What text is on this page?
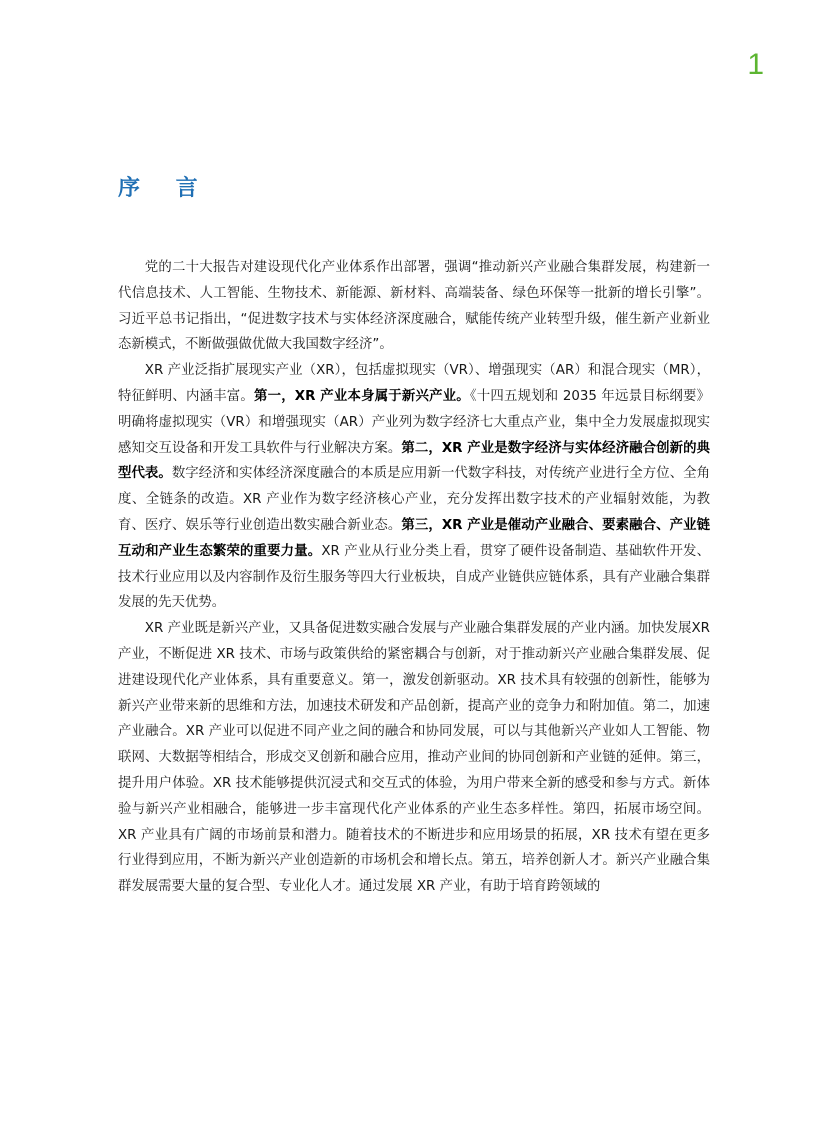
1
序 言

党的二十大报告对建设现代化产业体系作出部署，强调“推动新兴产业融合集群发展，构建新一代信息技术、人工智能、生物技术、新能源、新材料、高端装备、绿色环保等一批新的增长引擎”。习近平总书记指出，“促进数字技术与实体经济深度融合，赋能传统产业转型升级，催生新产业新业态新模式，不断做强做优做大我国数字经济”。

XR 产业泛指扩展现实产业（XR），包括虚拟现实（VR）、增强现实（AR）和混合现实（MR），特征鲜明、内涵丰富。第一，XR 产业本身属于新兴产业。《十四五规划和 2035 年远景目标纲要》明确将虚拟现实（VR）和增强现实（AR）产业列为数字经济七大重点产业，集中全力发展虚拟现实感知交互设备和开发工具软件与行业解决方案。第二，XR 产业是数字经济与实体经济融合创新的典型代表。数字经济和实体经济深度融合的本质是应用新一代数字科技，对传统产业进行全方位、全角度、全链条的改造。XR 产业作为数字经济核心产业，充分发挥出数字技术的产业辐射效能，为教育、医疗、娱乐等行业创造出数实融合新业态。第三，XR 产业是催动产业融合、要素融合、产业链互动和产业生态繁荣的重要力量。XR 产业从行业分类上看，贯穿了硬件设备制造、基础软件开发、技术行业应用以及内容制作及衍生服务等四大行业板块，自成产业链供应链体系，具有产业融合集群发展的先天优势。

XR 产业既是新兴产业，又具备促进数实融合发展与产业融合集群发展的产业内涵。加快发展XR 产业，不断促进 XR 技术、市场与政策供给的紧密耦合与创新，对于推动新兴产业融合集群发展、促进建设现代化产业体系，具有重要意义。第一，激发创新驱动。XR 技术具有较强的创新性，能够为新兴产业带来新的思维和方法，加速技术研发和产品创新，提高产业的竞争力和附加值。第二，加速产业融合。XR 产业可以促进不同产业之间的融合和协同发展，可以与其他新兴产业如人工智能、物联网、大数据等相结合，形成交叉创新和融合应用，推动产业间的协同创新和产业链的延伸。第三，提升用户体验。XR 技术能够提供沉浸式和交互式的体验，为用户带来全新的感受和参与方式。新体验与新兴产业相融合，能够进一步丰富现代化产业体系的产业生态多样性。第四，拓展市场空间。XR 产业具有广阔的市场前景和潜力。随着技术的不断进步和应用场景的拓展，XR 技术有望在更多行业得到应用，不断为新兴产业创造新的市场机会和增长点。第五，培养创新人才。新兴产业融合集群发展需要大量的复合型、专业化人才。通过发展 XR 产业，有助于培育跨领域的
